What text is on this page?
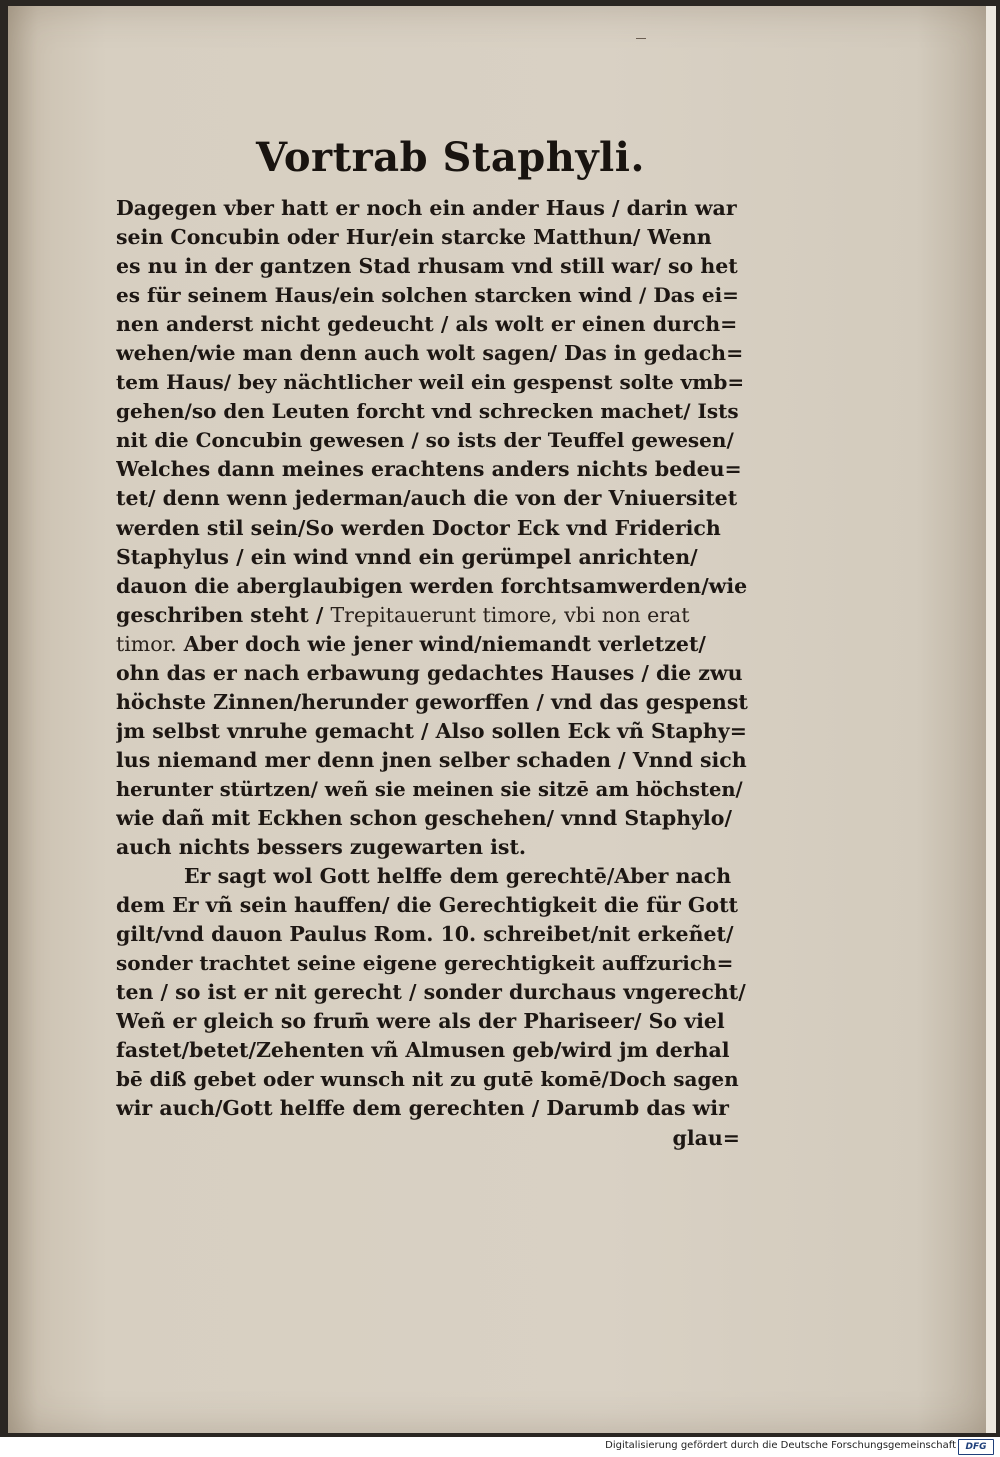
Vortrab Staphyli.
Dagegen vber hatt er noch ein ander Haus / darin war
sein Concubin oder Hur/ein starcke Matthun/ Wenn
es nu in der gantzen Stad rhusam vnd still war/ so het
es für seinem Haus/ein solchen starcken wind / Das ei=
nen anderst nicht gedeucht / als wolt er einen durch=
wehen/wie man denn auch wolt sagen/ Das in gedach=
tem Haus/ bey nächtlicher weil ein gespenst solte vmb=
gehen/so den Leuten forcht vnd schrecken machet/ Ists
nit die Concubin gewesen / so ists der Teuffel gewesen/
Welches dann meines erachtens anders nichts bedeu=
tet/ denn wenn jederman/auch die von der Vniuersitet
werden stil sein/So werden Doctor Eck vnd Friderich
Staphylus / ein wind vnnd ein gerümpel anrichten/
dauon die aberglaubigen werden forchtsamwerden/wie
geschriben steht / Trepitauerunt timore, vbi non erat
timor. Aber doch wie jener wind/niemandt verletzet/
ohn das er nach erbawung gedachtes Hauses / die zwu
höchste Zinnen/herunder geworffen / vnd das gespenst
jm selbst vnruhe gemacht / Also sollen Eck vñ Staphy=
lus niemand mer denn jnen selber schaden / Vnnd sich
herunter stürtzen/ weñ sie meinen sie sitzē am höchsten/
wie dañ mit Eckhen schon geschehen/ vnnd Staphylo/
auch nichts bessers zugewarten ist.
Er sagt wol Gott helffe dem gerechtē/Aber nach
dem Er vñ sein hauffen/ die Gerechtigkeit die für Gott
gilt/vnd dauon Paulus Rom. 10. schreibet/nit erkeñet/
sonder trachtet seine eigene gerechtigkeit auffzurich=
ten / so ist er nit gerecht / sonder durchaus vngerecht/
Weñ er gleich so frum̄ were als der Phariseer/ So viel
fastet/betet/Zehenten vñ Almusen geb/wird jm derhal
bē diß gebet oder wunsch nit zu gutē komē/Doch sagen
wir auch/Gott helffe dem gerechten / Darumb das wir
glau=
Digitalisierung gefördert durch die Deutsche Forschungsgemeinschaft	DFG
